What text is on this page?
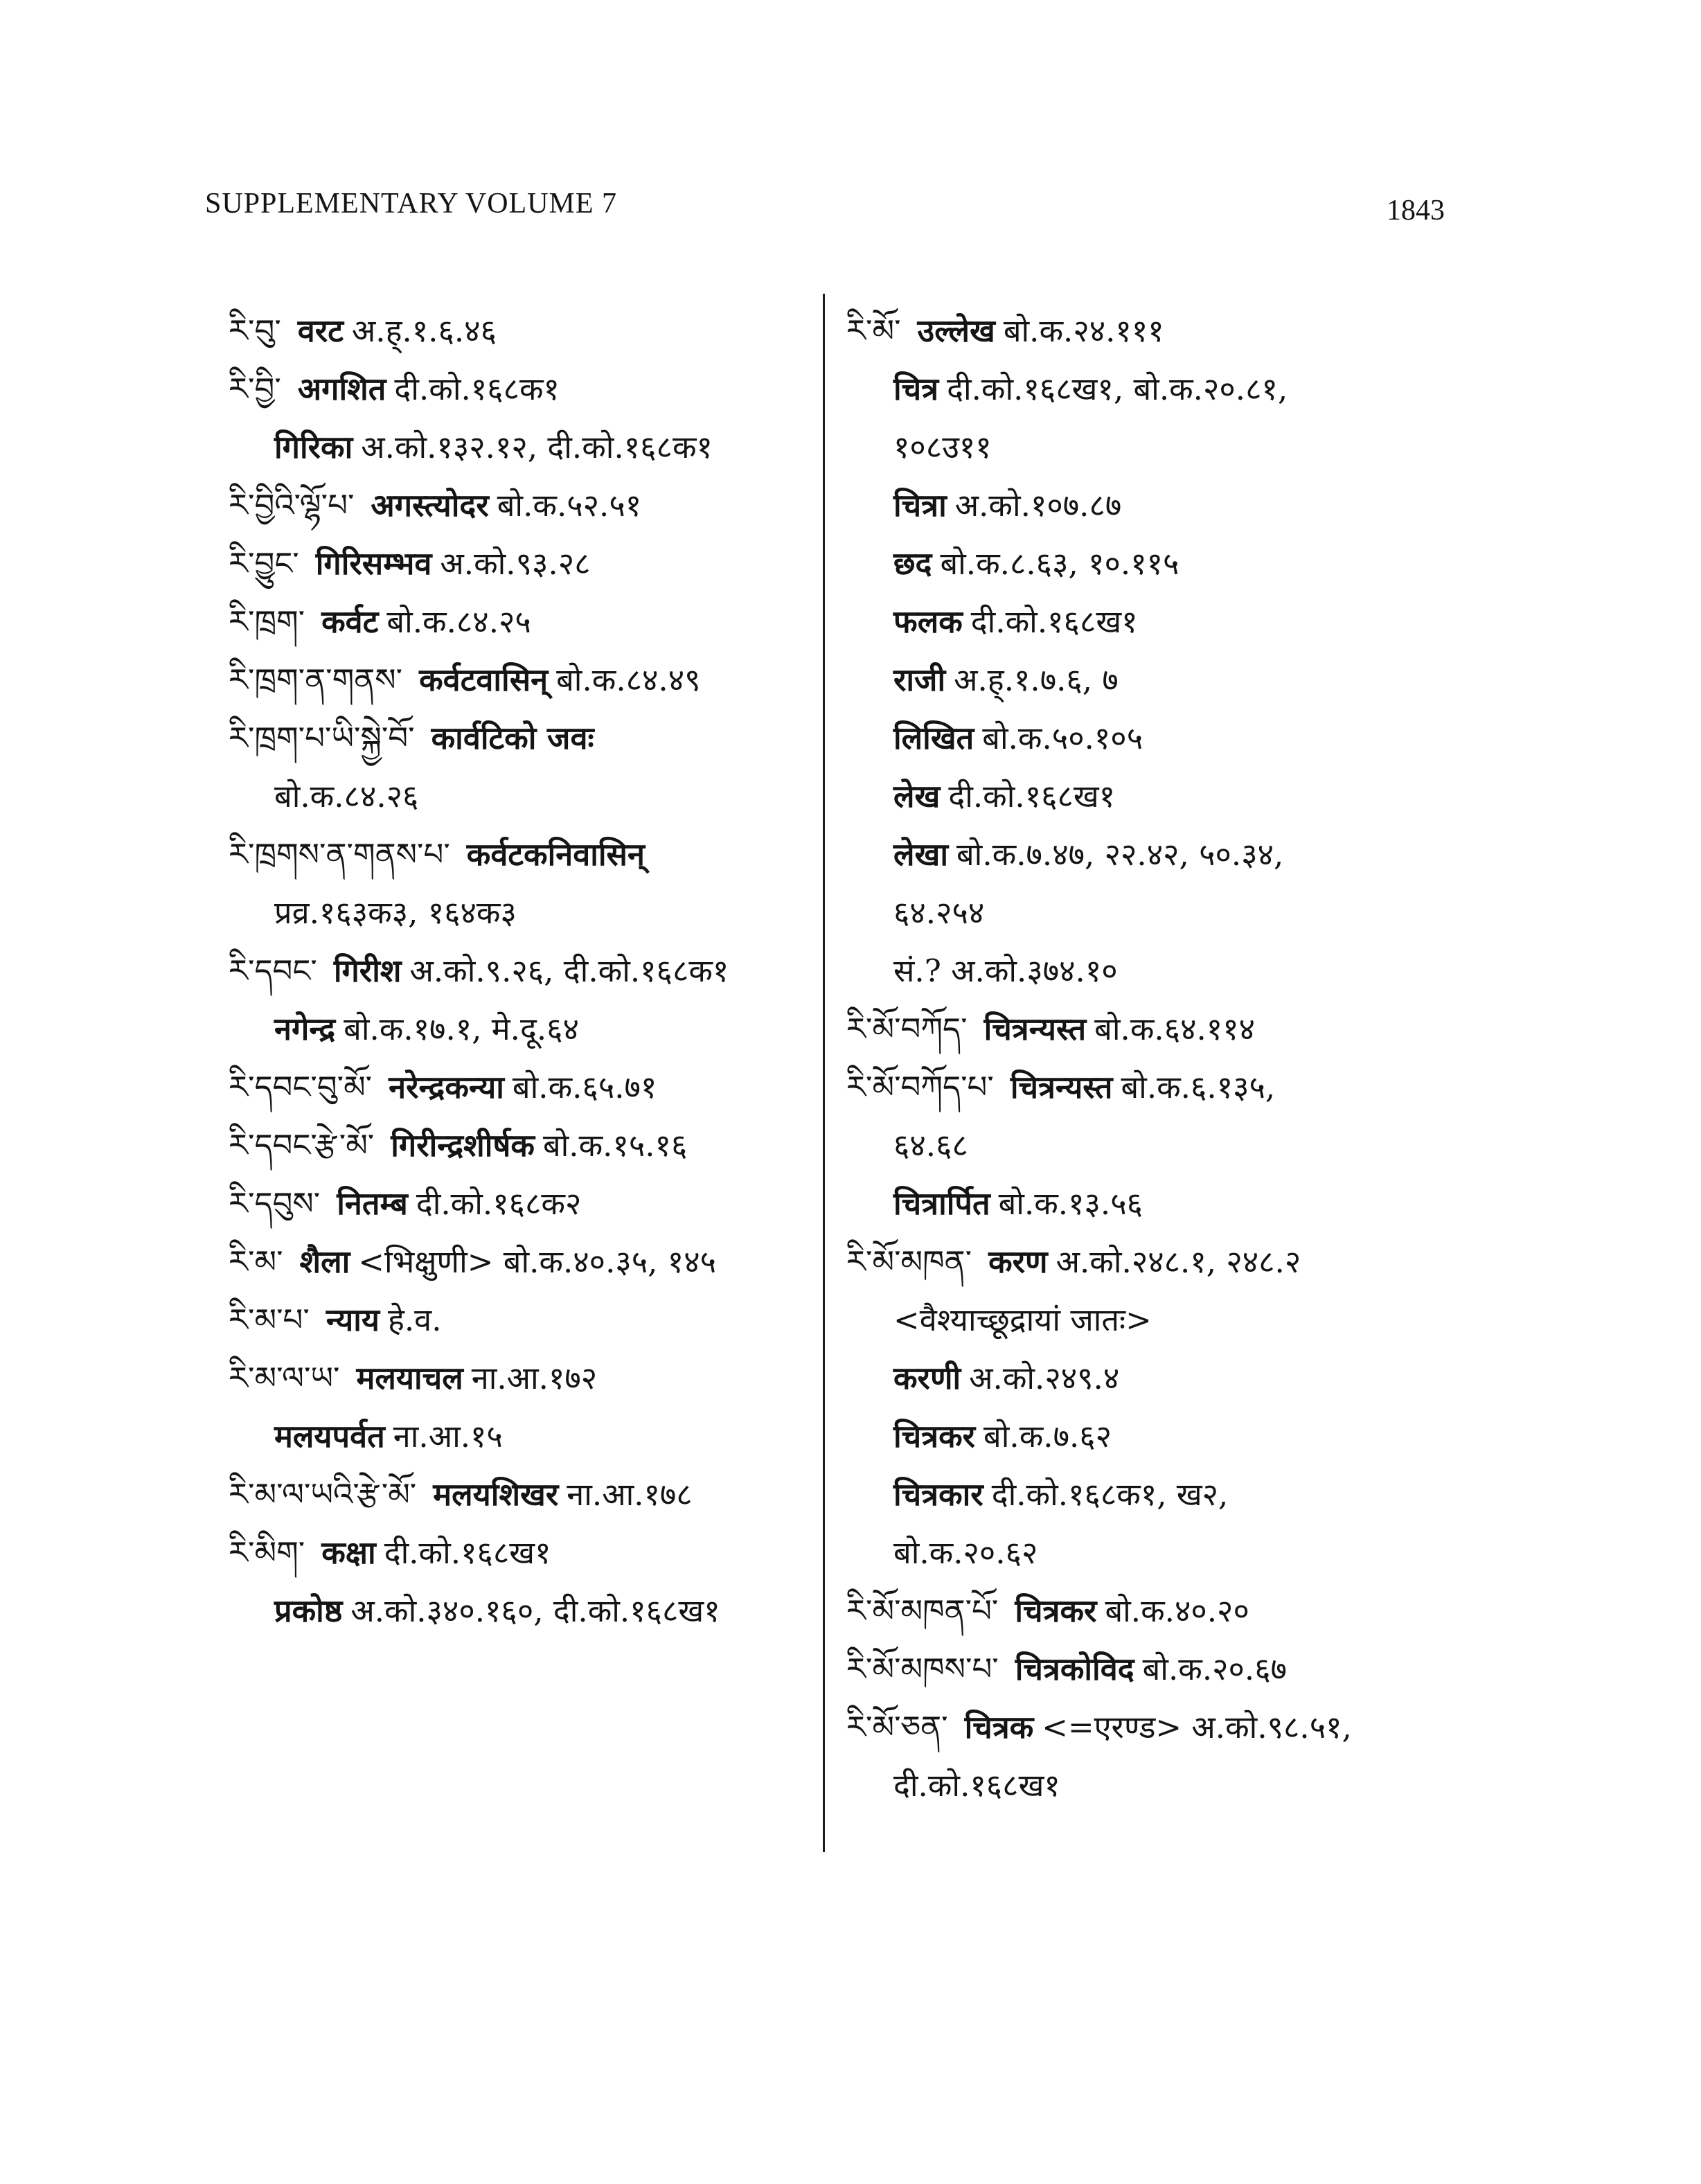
SUPPLEMENTARY VOLUME 7	1843
རི་བུ་ वरट अ.ह्.१.६.४६
རི་བྱི་ अगशित दी.को.१६८क१
गिरिका अ.को.१३२.१२, दी.को.१६८क१
རི་བྱིའི་ལྷོ་པ་ अगस्त्योदर बो.क.५२.५१
རི་བྱུང་ गिरिसम्भव अ.को.९३.२८
རི་ཁྲག་ कर्वट बो.क.८४.२५
རི་ཁྲག་ན་གནས་ कर्वटवासिन् बो.क.८४.४९
རི་ཁྲག་པ་ཡི་སྐྱེ་བོ་ कार्वटिको जवः
बो.क.८४.२६
རི་ཁྲགས་ན་གནས་པ་ कर्वटकनिवासिन्
प्रव्र.१६३क३, १६४क३
རི་དབང་ गिरीश अ.को.९.२६, दी.को.१६८क१
नगेन्द्र बो.क.१७.१, मे.दू.६४
རི་དབང་བུ་མོ་ नरेन्द्रकन्या बो.क.६५.७१
རི་དབང་རྩེ་མོ་ गिरीन्द्रशीर्षक बो.क.१५.१६
རི་དབུས་ नितम्ब दी.को.१६८क२
རི་མ་ शैला <भिक्षुणी> बो.क.४०.३५, १४५
རི་མ་པ་ न्याय हे.व.
རི་མ་ལ་ཡ་ मलयाचल ना.आ.१७२
मलयपर्वत ना.आ.१५
རི་མ་ལ་ཡའི་རྩེ་མོ་ मलयशिखर ना.आ.१७८
རི་མིག་ कक्षा दी.को.१६८ख१
प्रकोष्ठ अ.को.३४०.१६०, दी.को.१६८ख१
རི་མོ་ उल्लेख बो.क.२४.१११
चित्र दी.को.१६८ख१, बो.क.२०.८१,
१०८उ११
चित्रा अ.को.१०७.८७
छद बो.क.८.६३, १०.११५
फलक दी.को.१६८ख१
राजी अ.ह्.१.७.६, ७
लिखित बो.क.५०.१०५
लेख दी.को.१६८ख१
लेखा बो.क.७.४७, २२.४२, ५०.३४,
६४.२५४
सं.? अ.को.३७४.१०
རི་མོ་བཀོད་ चित्रन्यस्त बो.क.६४.११४
རི་མོ་བཀོད་པ་ चित्रन्यस्त बो.क.६.१३५,
६४.६८
चित्रार्पित बो.क.१३.५६
རི་མོ་མཁན་ करण अ.को.२४८.१, २४८.२
<वैश्याच्छूद्रायां जातः>
करणी अ.को.२४९.४
चित्रकर बो.क.७.६२
चित्रकार दी.को.१६८क१, ख२,
बो.क.२०.६२
རི་མོ་མཁན་པོ་ चित्रकर बो.क.४०.२०
རི་མོ་མཁས་པ་ चित्रकोविद बो.क.२०.६७
རི་མོ་ཅན་ चित्रक <=एरण्ड> अ.को.९८.५१,
दी.को.१६८ख१
